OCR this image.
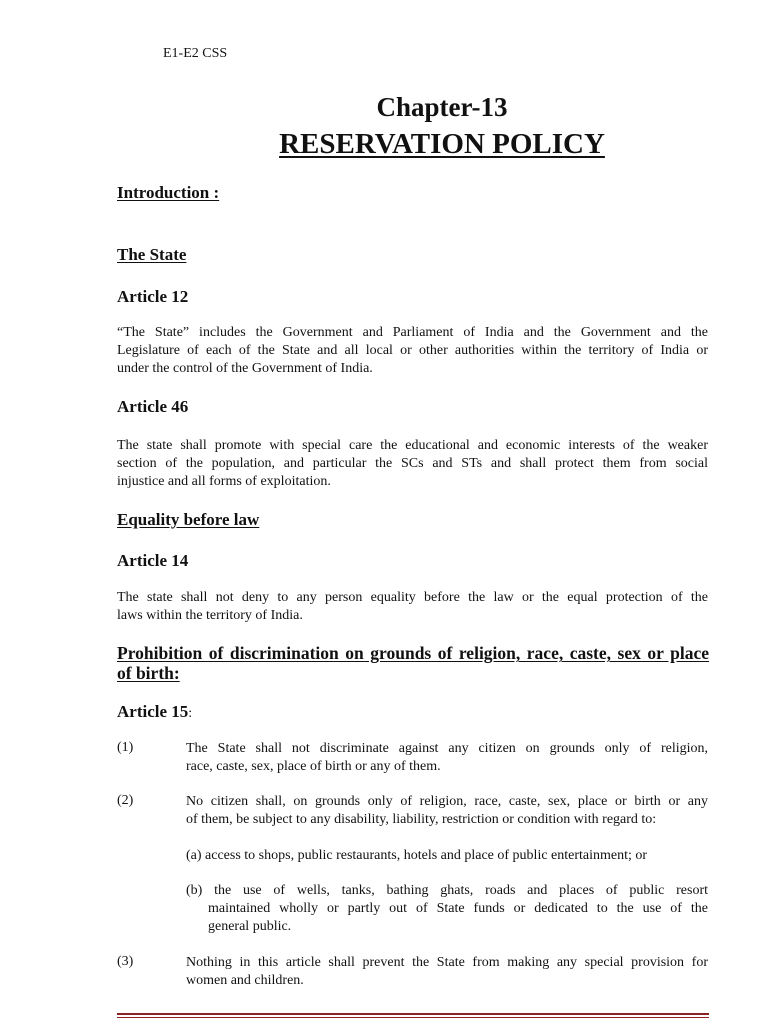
E1-E2 CSS
Chapter-13
RESERVATION POLICY
Introduction :
The State
Article 12
“The State” includes the Government and Parliament of India and the Government and the
Legislature of each of the State and all local or other authorities within the territory of India or
under the control of the Government of India.
Article 46
The state shall promote with special care the educational and economic interests of the weaker
section of the population, and particular the SCs and STs and shall protect them from social
injustice and all forms of exploitation.
Equality before law
Article 14
The state shall not deny to any person equality before the law or the equal protection of the
laws within the territory of India.
Prohibition of discrimination on grounds of religion, race, caste, sex or place
of birth:
Article 15:
(1)	The State shall not discriminate against any citizen on grounds only of religion,
race, caste, sex, place of birth or any of them.
(2)	No citizen shall, on grounds only of religion, race, caste, sex, place or birth or any
of them, be subject to any disability, liability, restriction or condition with regard to:
(a) access to shops, public restaurants, hotels and place of public entertainment; or
(b) the use of wells, tanks, bathing ghats, roads and places of public resort
maintained wholly or partly out of State funds or dedicated to the use of the
general public.
(3)	Nothing in this article shall prevent the State from making any special provision for
women and children.
